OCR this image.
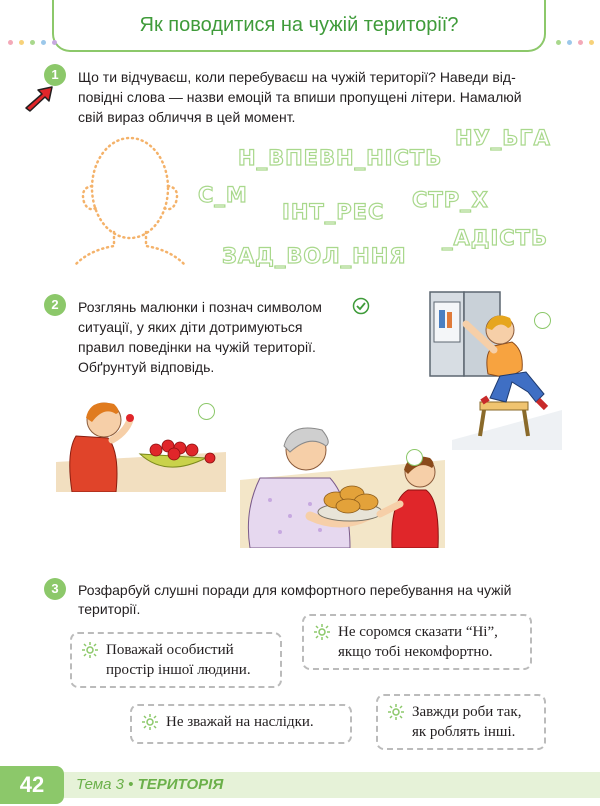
Як поводитися на чужій території?
1	Що ти відчуваєш, коли перебуваєш на чужій території? Наведи від-
повідні слова — назви емоцій та впиши пропущені літери. Намалюй
свій вираз обличчя в цей момент.
Н_ВПЕВН_НІСТЬ
НУ_ЬГА
С_М
ІНТ_РЕС СТР_Х
_АДІСТЬ
ЗАД_ВОЛ_ННЯ
2	Розглянь малюнки і познач символом
ситуації, у яких діти дотримуються
правил поведінки на чужій території.
Обґрунтуй відповідь.
3	Розфарбуй слушні поради для комфортного перебування на чужій
території.
Поважай особистий
простір іншої людини.
Не соромся сказати “Ні”,
якщо тобі некомфортно.
Не зважай на наслідки.
Завжди роби так,
як роблять інші.
42	Тема 3 • ТЕРИТОРІЯ
